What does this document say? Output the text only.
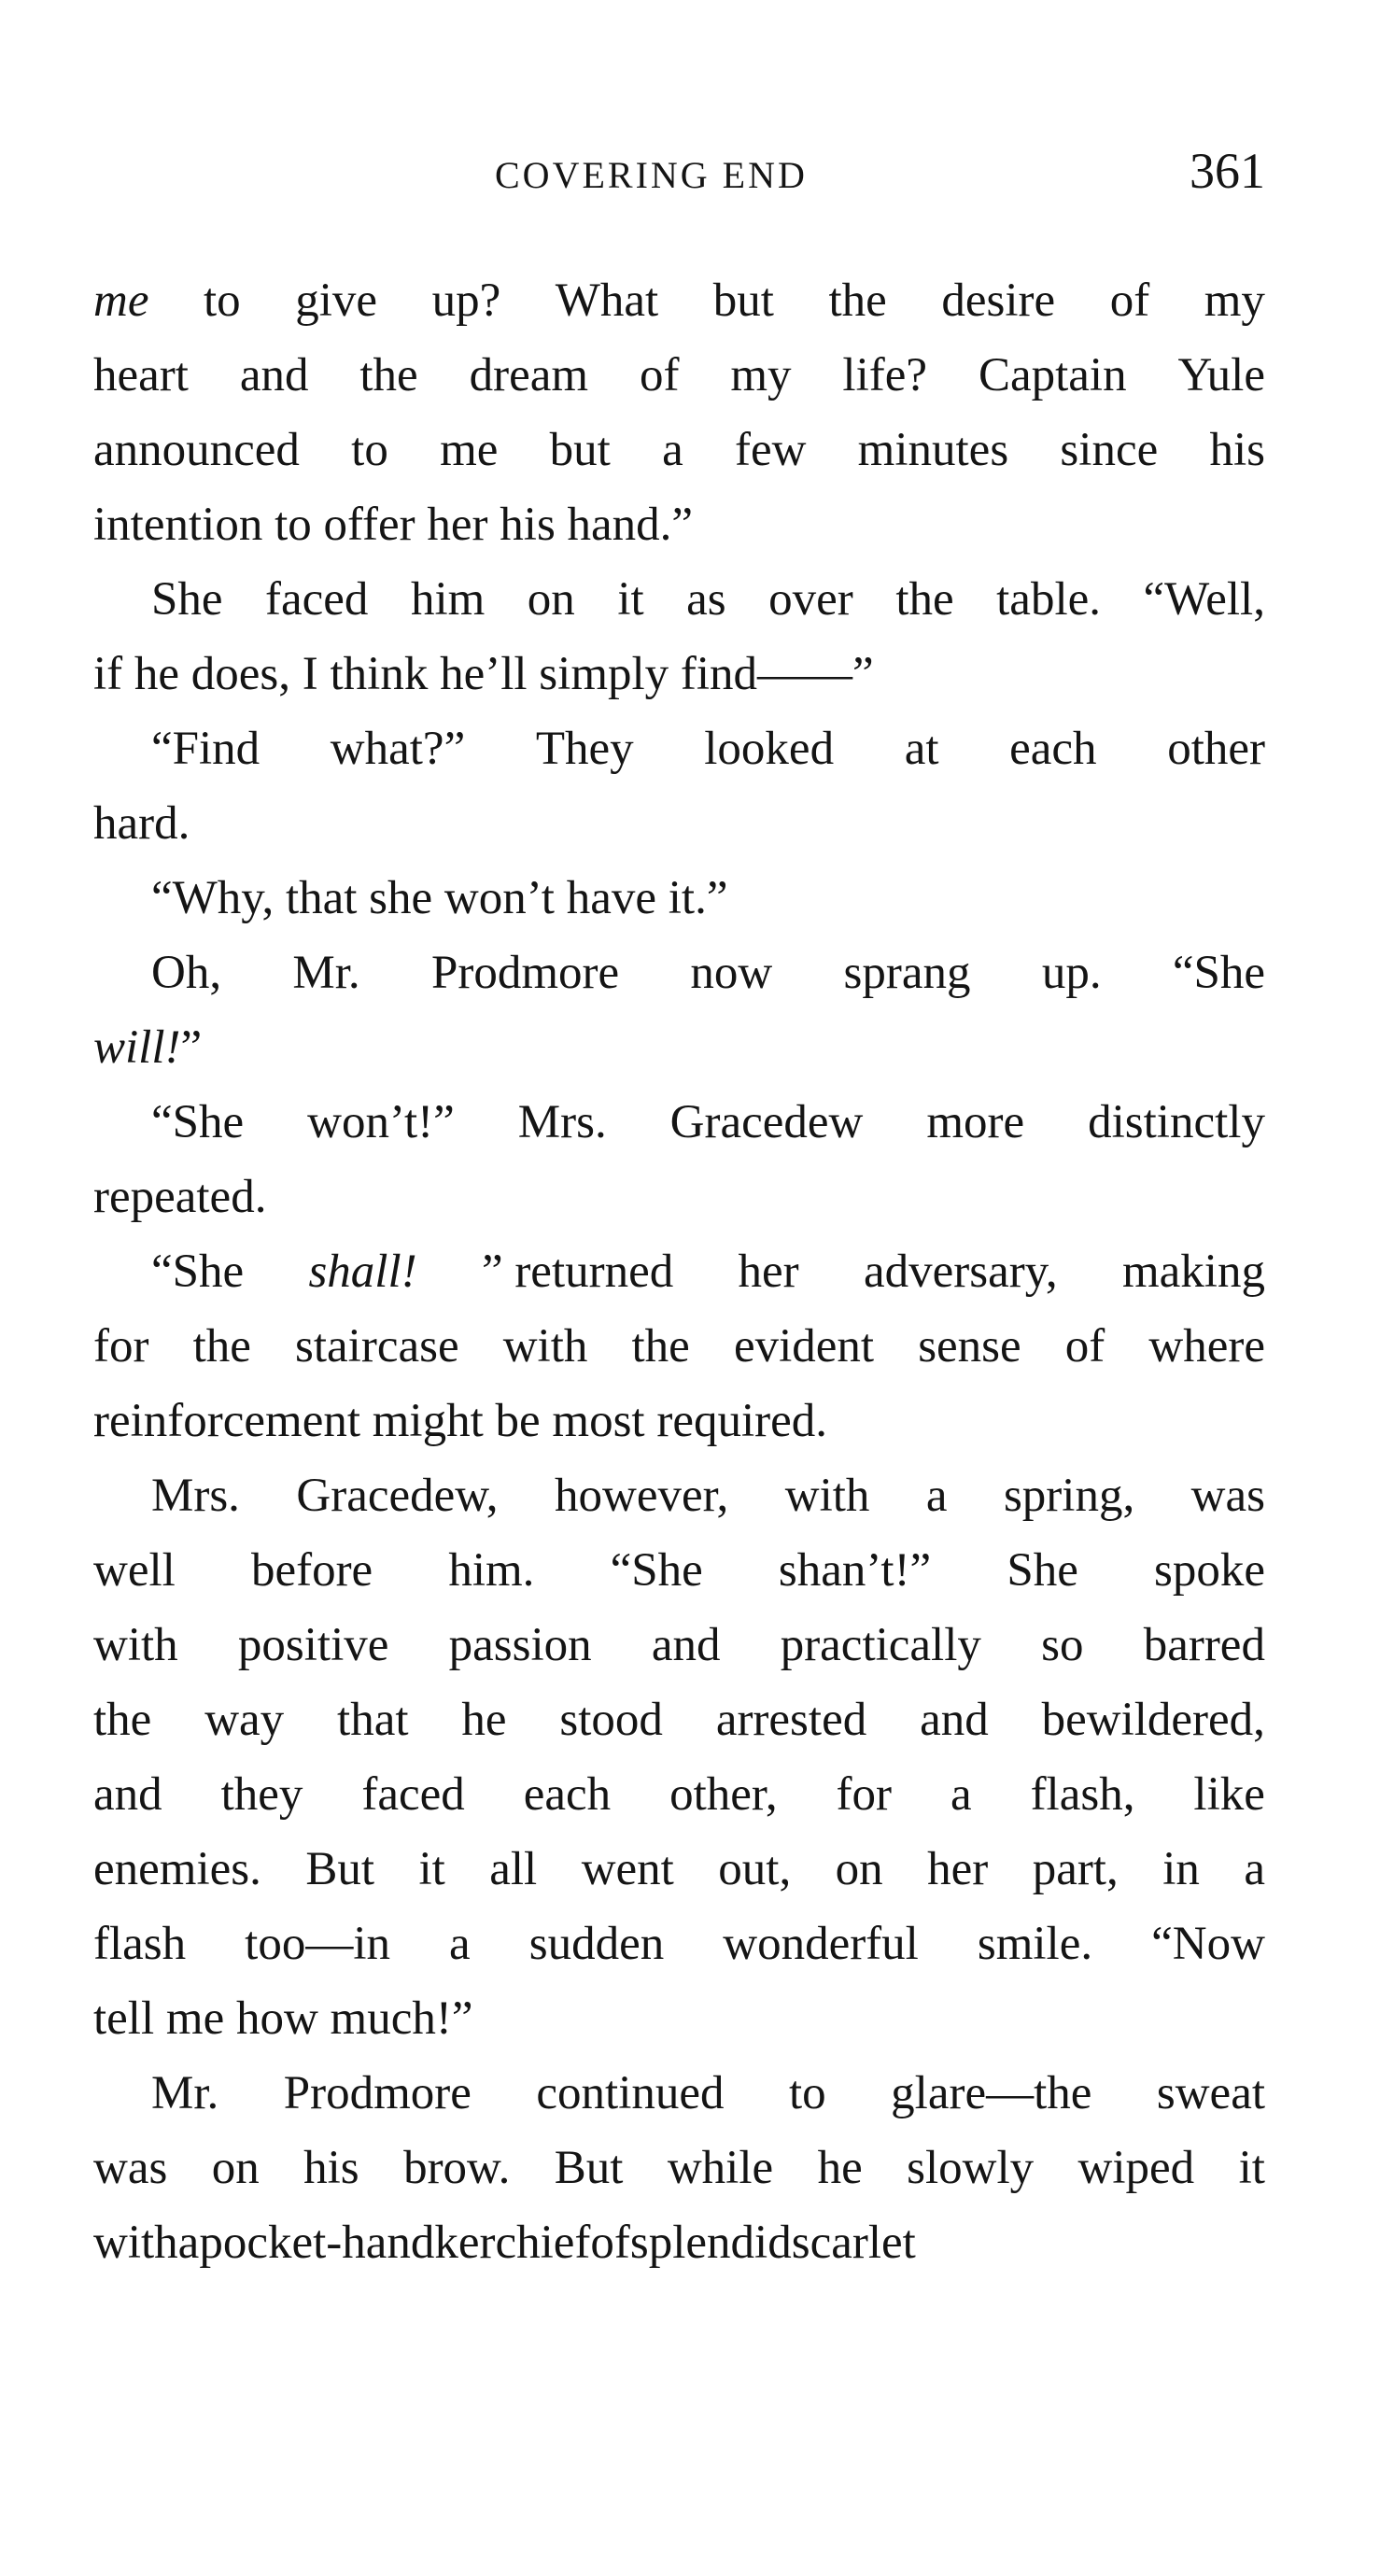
COVERING END	361
me to give up? What but the desire of my
heart and the dream of my life? Captain Yule
announced to me but a few minutes since his
intention to offer her his hand.”
She faced him on it as over the table. “Well,
if he does, I think he’ll simply find——”
“Find what?” They looked at each other
hard.
“Why, that she won’t have it.”
Oh, Mr. Prodmore now sprang up. “She
will! ”
“She won’t!” Mrs. Gracedew more distinctly
repeated.
“She shall! ” returned her adversary, making
for the staircase with the evident sense of where
reinforcement might be most required.
Mrs. Gracedew, however, with a spring, was
well before him. “She shan’t!” She spoke
with positive passion and practically so barred
the way that he stood arrested and bewildered,
and they faced each other, for a flash, like
enemies. But it all went out, on her part, in a
flash too—in a sudden wonderful smile. “Now
tell me how much!”
Mr. Prodmore continued to glare—the sweat
was on his brow. But while he slowly wiped it
with a pocket-handkerchief of splendid scarlet
